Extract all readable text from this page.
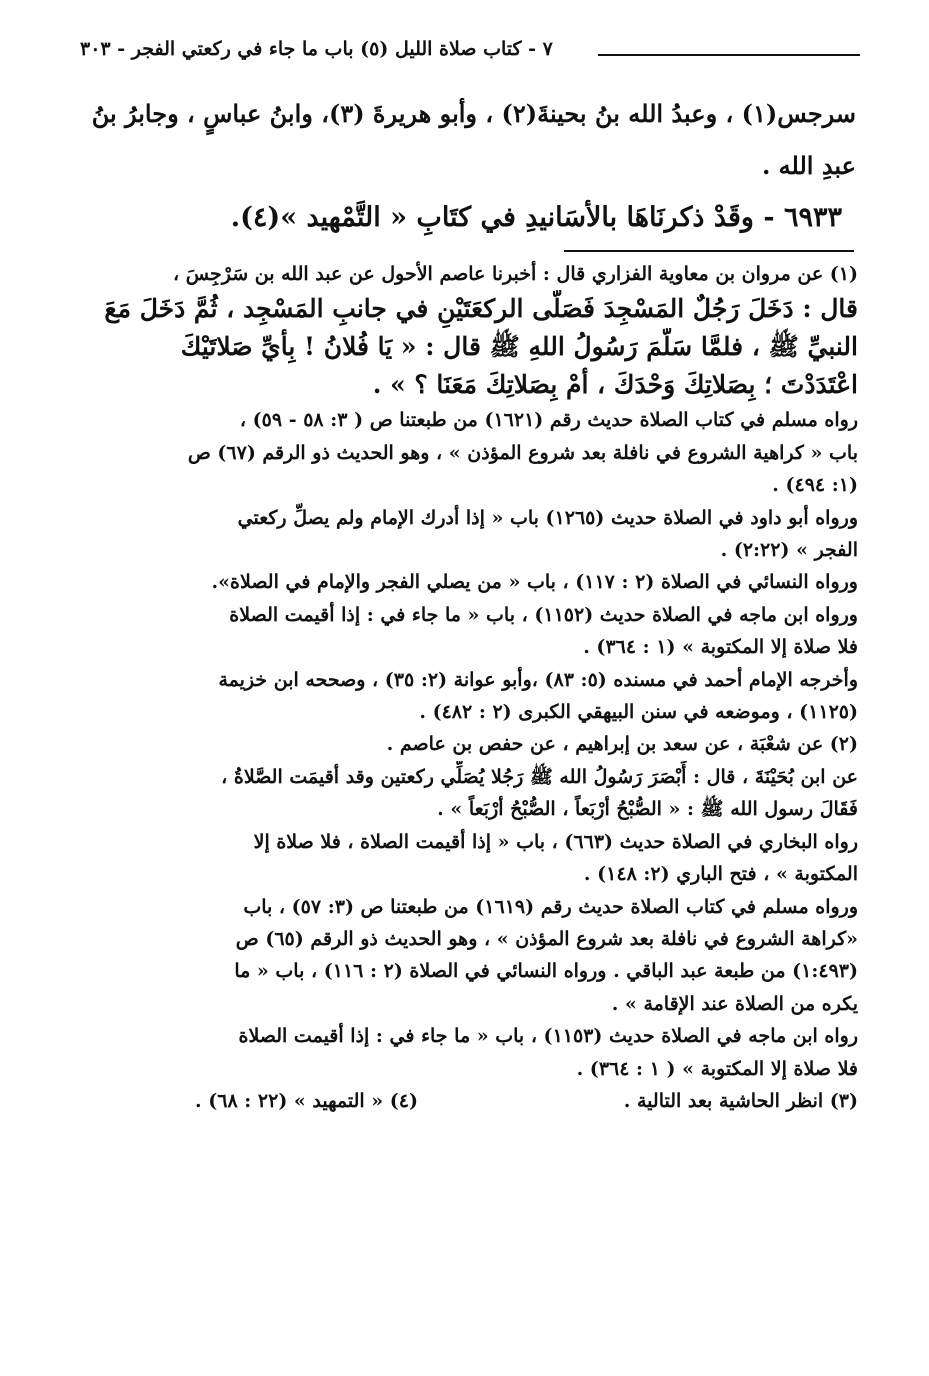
٧ - كتاب صلاة الليل (٥) باب ما جاء في ركعتي الفجر - ٣٠٣
سرجس(١) ، وعبدُ الله بنُ بحينةَ(٢) ، وأبو هريرةَ (٣)، وابنُ عباسٍ ، وجابرُ بنُ
عبدِ الله .
٦٩٣٣ - وقَدْ ذكرنَاهَا بالأسَانيدِ في كتَابِ « التَّمْهيد »(٤).
(١) عن مروان بن معاوية الفزاري قال : أخبرنا عاصم الأحول عن عبد الله بن سَرْجِسَ ،
قال : دَخَلَ رَجُلٌ المَسْجِدَ فَصَلَّى الركعَتَيْنِ في جانبِ المَسْجِد ، ثُمَّ دَخَلَ مَعَ
النبيِّ ﷺ ، فلمَّا سَلَّمَ رَسُولُ اللهِ ﷺ قال : « يَا فُلانُ ! بِأيِّ صَلاتَيْكَ
اعْتَدَدْتَ ؛ بِصَلاتِكَ وَحْدَكَ ، أمْ بِصَلاتِكَ مَعَنَا ؟ » .
رواه مسلم في كتاب الصلاة حديث رقم (١٦٢١) من طبعتنا ص ( ٣: ٥٨ - ٥٩) ،
باب « كراهية الشروع في نافلة بعد شروع المؤذن » ، وهو الحديث ذو الرقم (٦٧) ص
(١: ٤٩٤) .
ورواه أبو داود في الصلاة حديث (١٢٦٥) باب « إذا أدرك الإمام ولم يصلِّ ركعتي
الفجر » (٢:٢٢) .
ورواه النسائي في الصلاة (٢ : ١١٧) ، باب « من يصلي الفجر والإمام في الصلاة».
ورواه ابن ماجه في الصلاة حديث (١١٥٢) ، باب « ما جاء في : إذا أقيمت الصلاة
فلا صلاة إلا المكتوبة » (١ : ٣٦٤) .
وأخرجه الإمام أحمد في مسنده (٥: ٨٣) ،وأبو عوانة (٢: ٣٥) ، وصححه ابن خزيمة
(١١٢٥) ، وموضعه في سنن البيهقي الكبرى (٢ : ٤٨٢) .
(٢) عن شعْبَة ، عن سعد بن إبراهيم ، عن حفص بن عاصم .
عن ابن بُحَيْنَةَ ، قال : أَبْصَرَ رَسُولُ الله ﷺ رَجُلا يُصَلِّي ركعتين وقد أقيمَت الصَّلاةُ ،
فَقَالَ رسول الله ﷺ : « الصُّبْحُ أرْبَعاً ، الصُّبْحُ أرْبَعاً » .
رواه البخاري في الصلاة حديث (٦٦٣) ، باب « إذا أقيمت الصلاة ، فلا صلاة إلا
المكتوبة » ، فتح الباري (٢: ١٤٨) .
ورواه مسلم في كتاب الصلاة حديث رقم (١٦١٩) من طبعتنا ص (٣: ٥٧) ، باب
«كراهة الشروع في نافلة بعد شروع المؤذن » ، وهو الحديث ذو الرقم (٦٥) ص
(١:٤٩٣) من طبعة عبد الباقي . ورواه النسائي في الصلاة (٢ : ١١٦) ، باب « ما
يكره من الصلاة عند الإقامة » .
رواه ابن ماجه في الصلاة حديث (١١٥٣) ، باب « ما جاء في : إذا أقيمت الصلاة
فلا صلاة إلا المكتوبة » ( ١ : ٣٦٤) .
(٣) انظر الحاشية بعد التالية .
(٤) « التمهيد » (٢٢ : ٦٨) .
